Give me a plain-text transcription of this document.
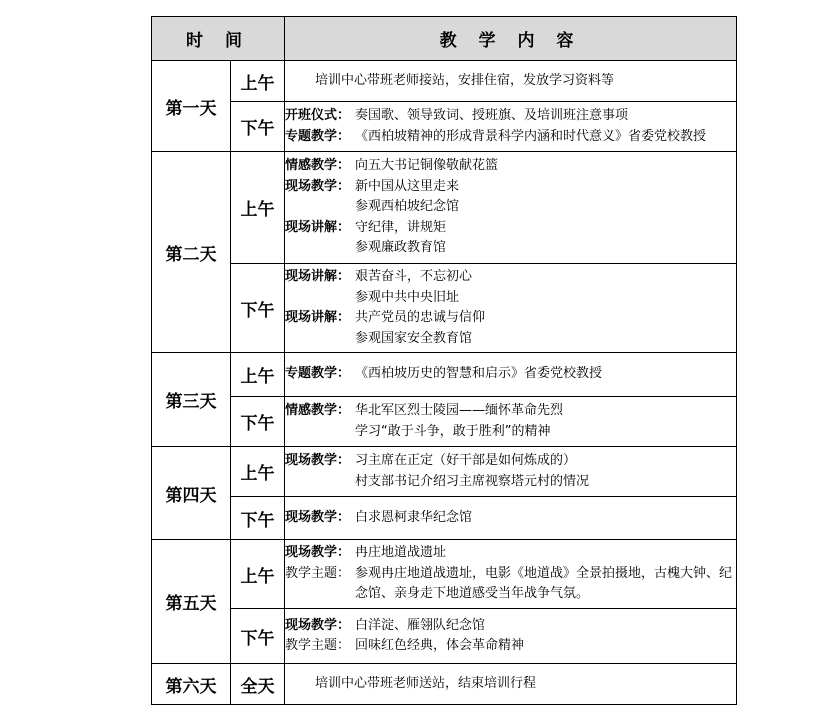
时 间		教 学 内 容
第一天	上午	培训中心带班老师接站，安排住宿，发放学习资料等

	下午	开班仪式： 奏国歌、领导致词、授班旗、及培训班注意事项
专题教学： 《西柏坡精神的形成背景科学内涵和时代意义》省委党校教授

第二天	上午	情感教学： 向五大书记铜像敬献花篮
现场教学： 新中国从这里走来
参观西柏坡纪念馆
现场讲解： 守纪律，讲规矩
参观廉政教育馆

	下午	现场讲解： 艰苦奋斗，不忘初心
参观中共中央旧址
现场讲解： 共产党员的忠诚与信仰
参观国家安全教育馆

第三天	上午	专题教学： 《西柏坡历史的智慧和启示》省委党校教授

	下午	情感教学： 华北军区烈士陵园——缅怀革命先烈
学习“敢于斗争，敢于胜利”的精神

第四天	上午	现场教学： 习主席在正定（好干部是如何炼成的）
村支部书记介绍习主席视察塔元村的情况

	下午	现场教学： 白求恩柯隶华纪念馆

第五天	上午	现场教学： 冉庄地道战遗址
教学主题： 参观冉庄地道战遗址，电影《地道战》全景拍摄地，古槐大钟、纪念馆、亲身走下地道感受当年战争气氛。

	下午	现场教学： 白洋淀、雁翎队纪念馆
教学主题： 回味红色经典，体会革命精神

第六天	全天	培训中心带班老师送站，结束培训行程
